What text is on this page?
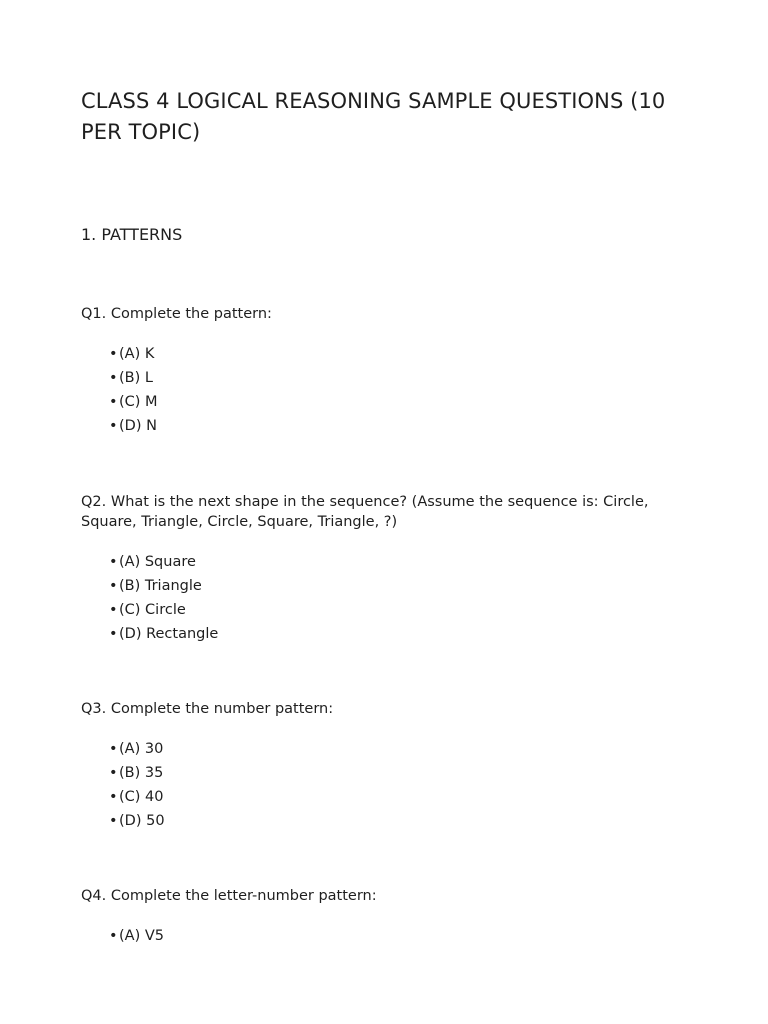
CLASS 4 LOGICAL REASONING SAMPLE QUESTIONS (10 PER TOPIC)
1. PATTERNS

Q1. Complete the pattern:

•(A) K
•(B) L
•(C) M
•(D) N

Q2. What is the next shape in the sequence? (Assume the sequence is: Circle, Square, Triangle, Circle, Square, Triangle, ?)

•(A) Square
•(B) Triangle
•(C) Circle
•(D) Rectangle

Q3. Complete the number pattern:

•(A) 30
•(B) 35
•(C) 40
•(D) 50

Q4. Complete the letter-number pattern:

•(A) V5
